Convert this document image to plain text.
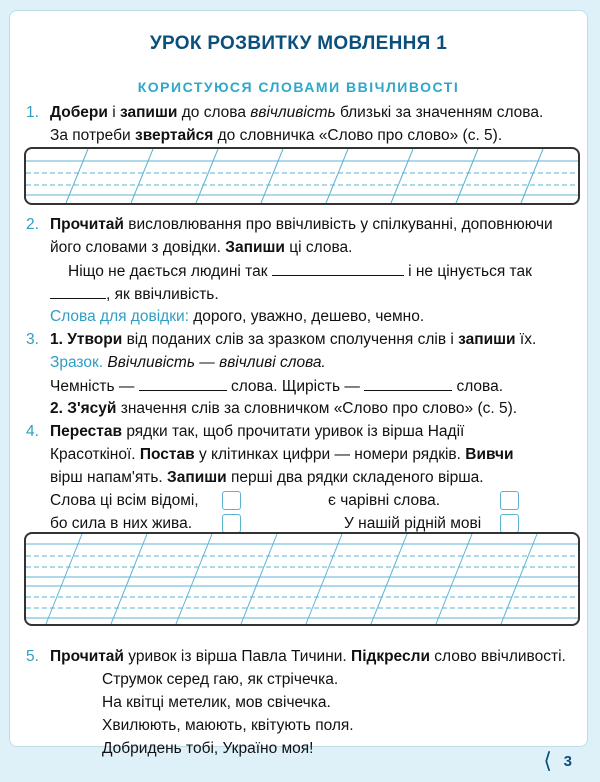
УРОК РОЗВИТКУ МОВЛЕННЯ 1
КОРИСТУЮСЯ СЛОВАМИ ВВІЧЛИВОСТІ
1. Добери і запиши до слова ввічливість близькі за значенням слова.
За потреби звертайся до словничка «Слово про слово» (с. 5).
2. Прочитай висловлювання про ввічливість у спілкуванні, доповнюючи
його словами з довідки. Запиши ці слова.
Ніщо не дається людині так	і не цінується так
, як ввічливість.
Слова для довідки: дорого, уважно, дешево, чемно.
3. 1. Утвори від поданих слів за зразком сполучення слів і запиши їх.
Зразок. Ввічливість — ввічливі слова.
Чемність —	слова. Щирість —	слова.
2. З'ясуй значення слів за словничком «Слово про слово» (с. 5).
4. Перестав рядки так, щоб прочитати уривок із вірша Надії
Красоткіної. Постав у клітинках цифри — номери рядків. Вивчи
вірш напам'ять. Запиши перші два рядки складеного вірша.
Слова ці всім відомі,	є чарівні слова.
бо сила в них жива.	У нашій рідній мові
5. Прочитай уривок із вірша Павла Тичини. Підкресли слово ввічливості.
Струмок серед гаю, як стрічечка.
На квітці метелик, мов свічечка.
Хвилюють, маюють, квітують поля.
Добридень тобі, Україно моя!	⟨ 3
